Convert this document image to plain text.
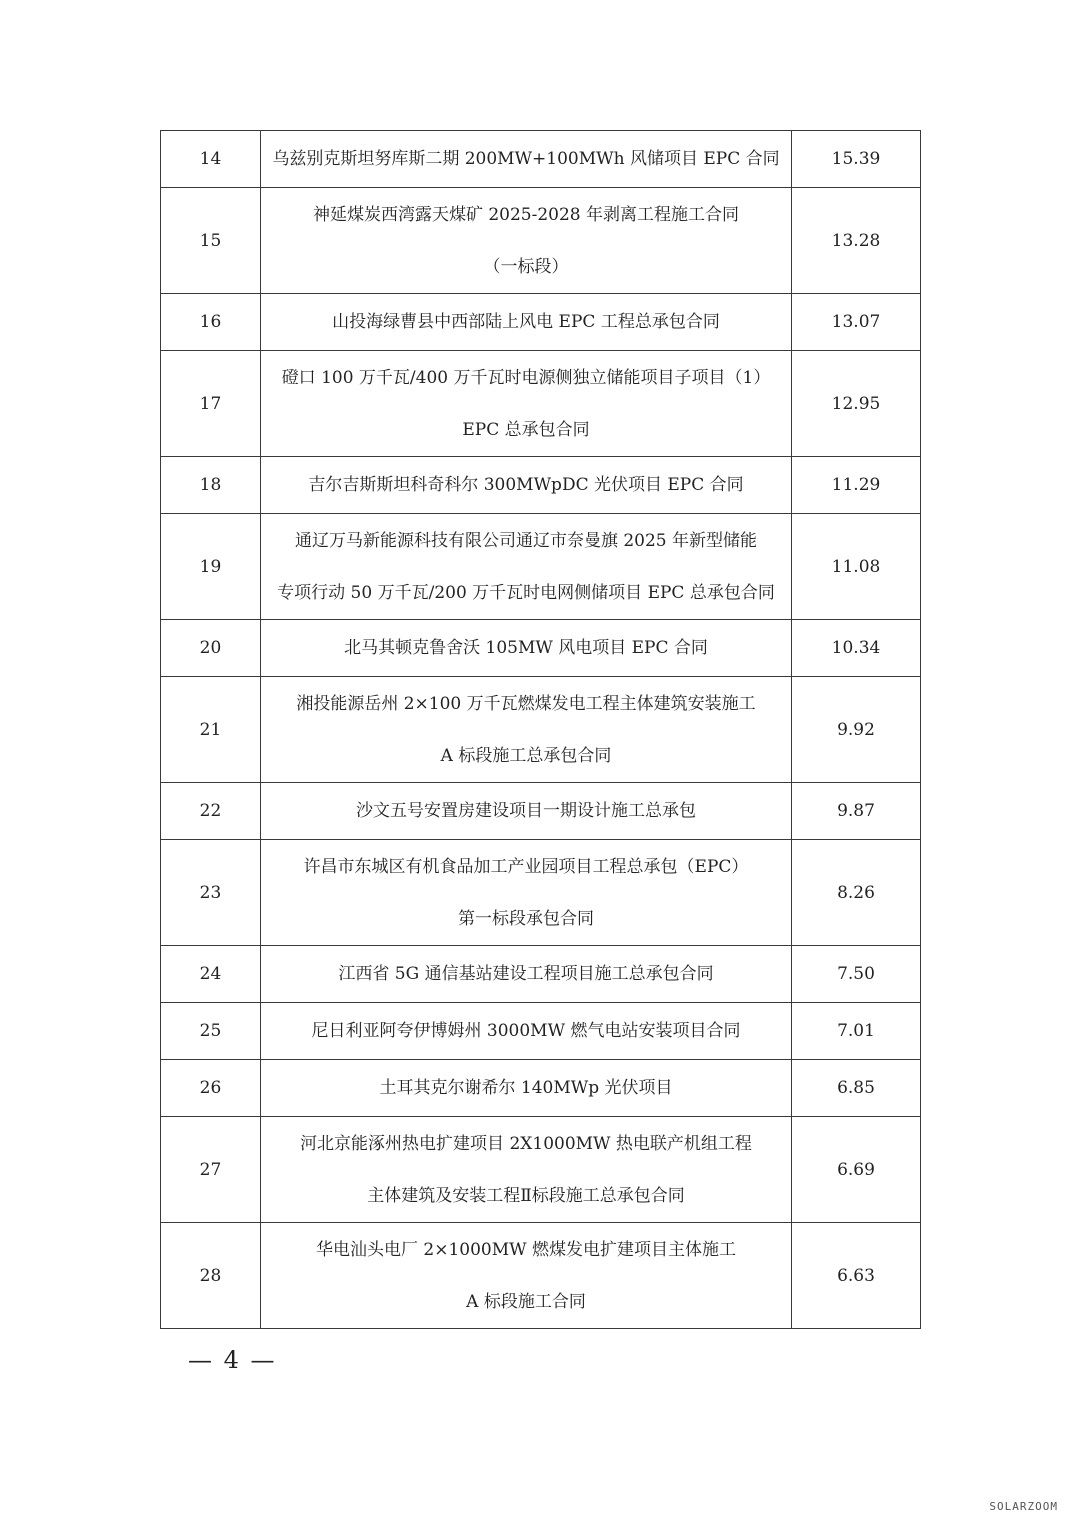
14	乌兹别克斯坦努库斯二期 200MW+100MWh 风储项目 EPC 合同	15.39
15	神延煤炭西湾露天煤矿 2025-2028 年剥离工程施工合同
（一标段）	13.28
16	山投海绿曹县中西部陆上风电 EPC 工程总承包合同	13.07
17	磴口 100 万千瓦/400 万千瓦时电源侧独立储能项目子项目（1）
EPC 总承包合同	12.95
18	吉尔吉斯斯坦科奇科尔 300MWpDC 光伏项目 EPC 合同	11.29
19	通辽万马新能源科技有限公司通辽市奈曼旗 2025 年新型储能
专项行动 50 万千瓦/200 万千瓦时电网侧储项目 EPC 总承包合同	11.08
20	北马其顿克鲁舍沃 105MW 风电项目 EPC 合同	10.34
21	湘投能源岳州 2×100 万千瓦燃煤发电工程主体建筑安装施工
A 标段施工总承包合同	9.92
22	沙文五号安置房建设项目一期设计施工总承包	9.87
23	许昌市东城区有机食品加工产业园项目工程总承包（EPC）
第一标段承包合同	8.26
24	江西省 5G 通信基站建设工程项目施工总承包合同	7.50
25	尼日利亚阿夸伊博姆州 3000MW 燃气电站安装项目合同	7.01
26	土耳其克尔谢希尔 140MWp 光伏项目	6.85
27	河北京能涿州热电扩建项目 2X1000MW 热电联产机组工程
主体建筑及安装工程Ⅱ标段施工总承包合同	6.69
28	华电汕头电厂 2×1000MW 燃煤发电扩建项目主体施工
A 标段施工合同	6.63
— 4 —
SOLARZOOM
